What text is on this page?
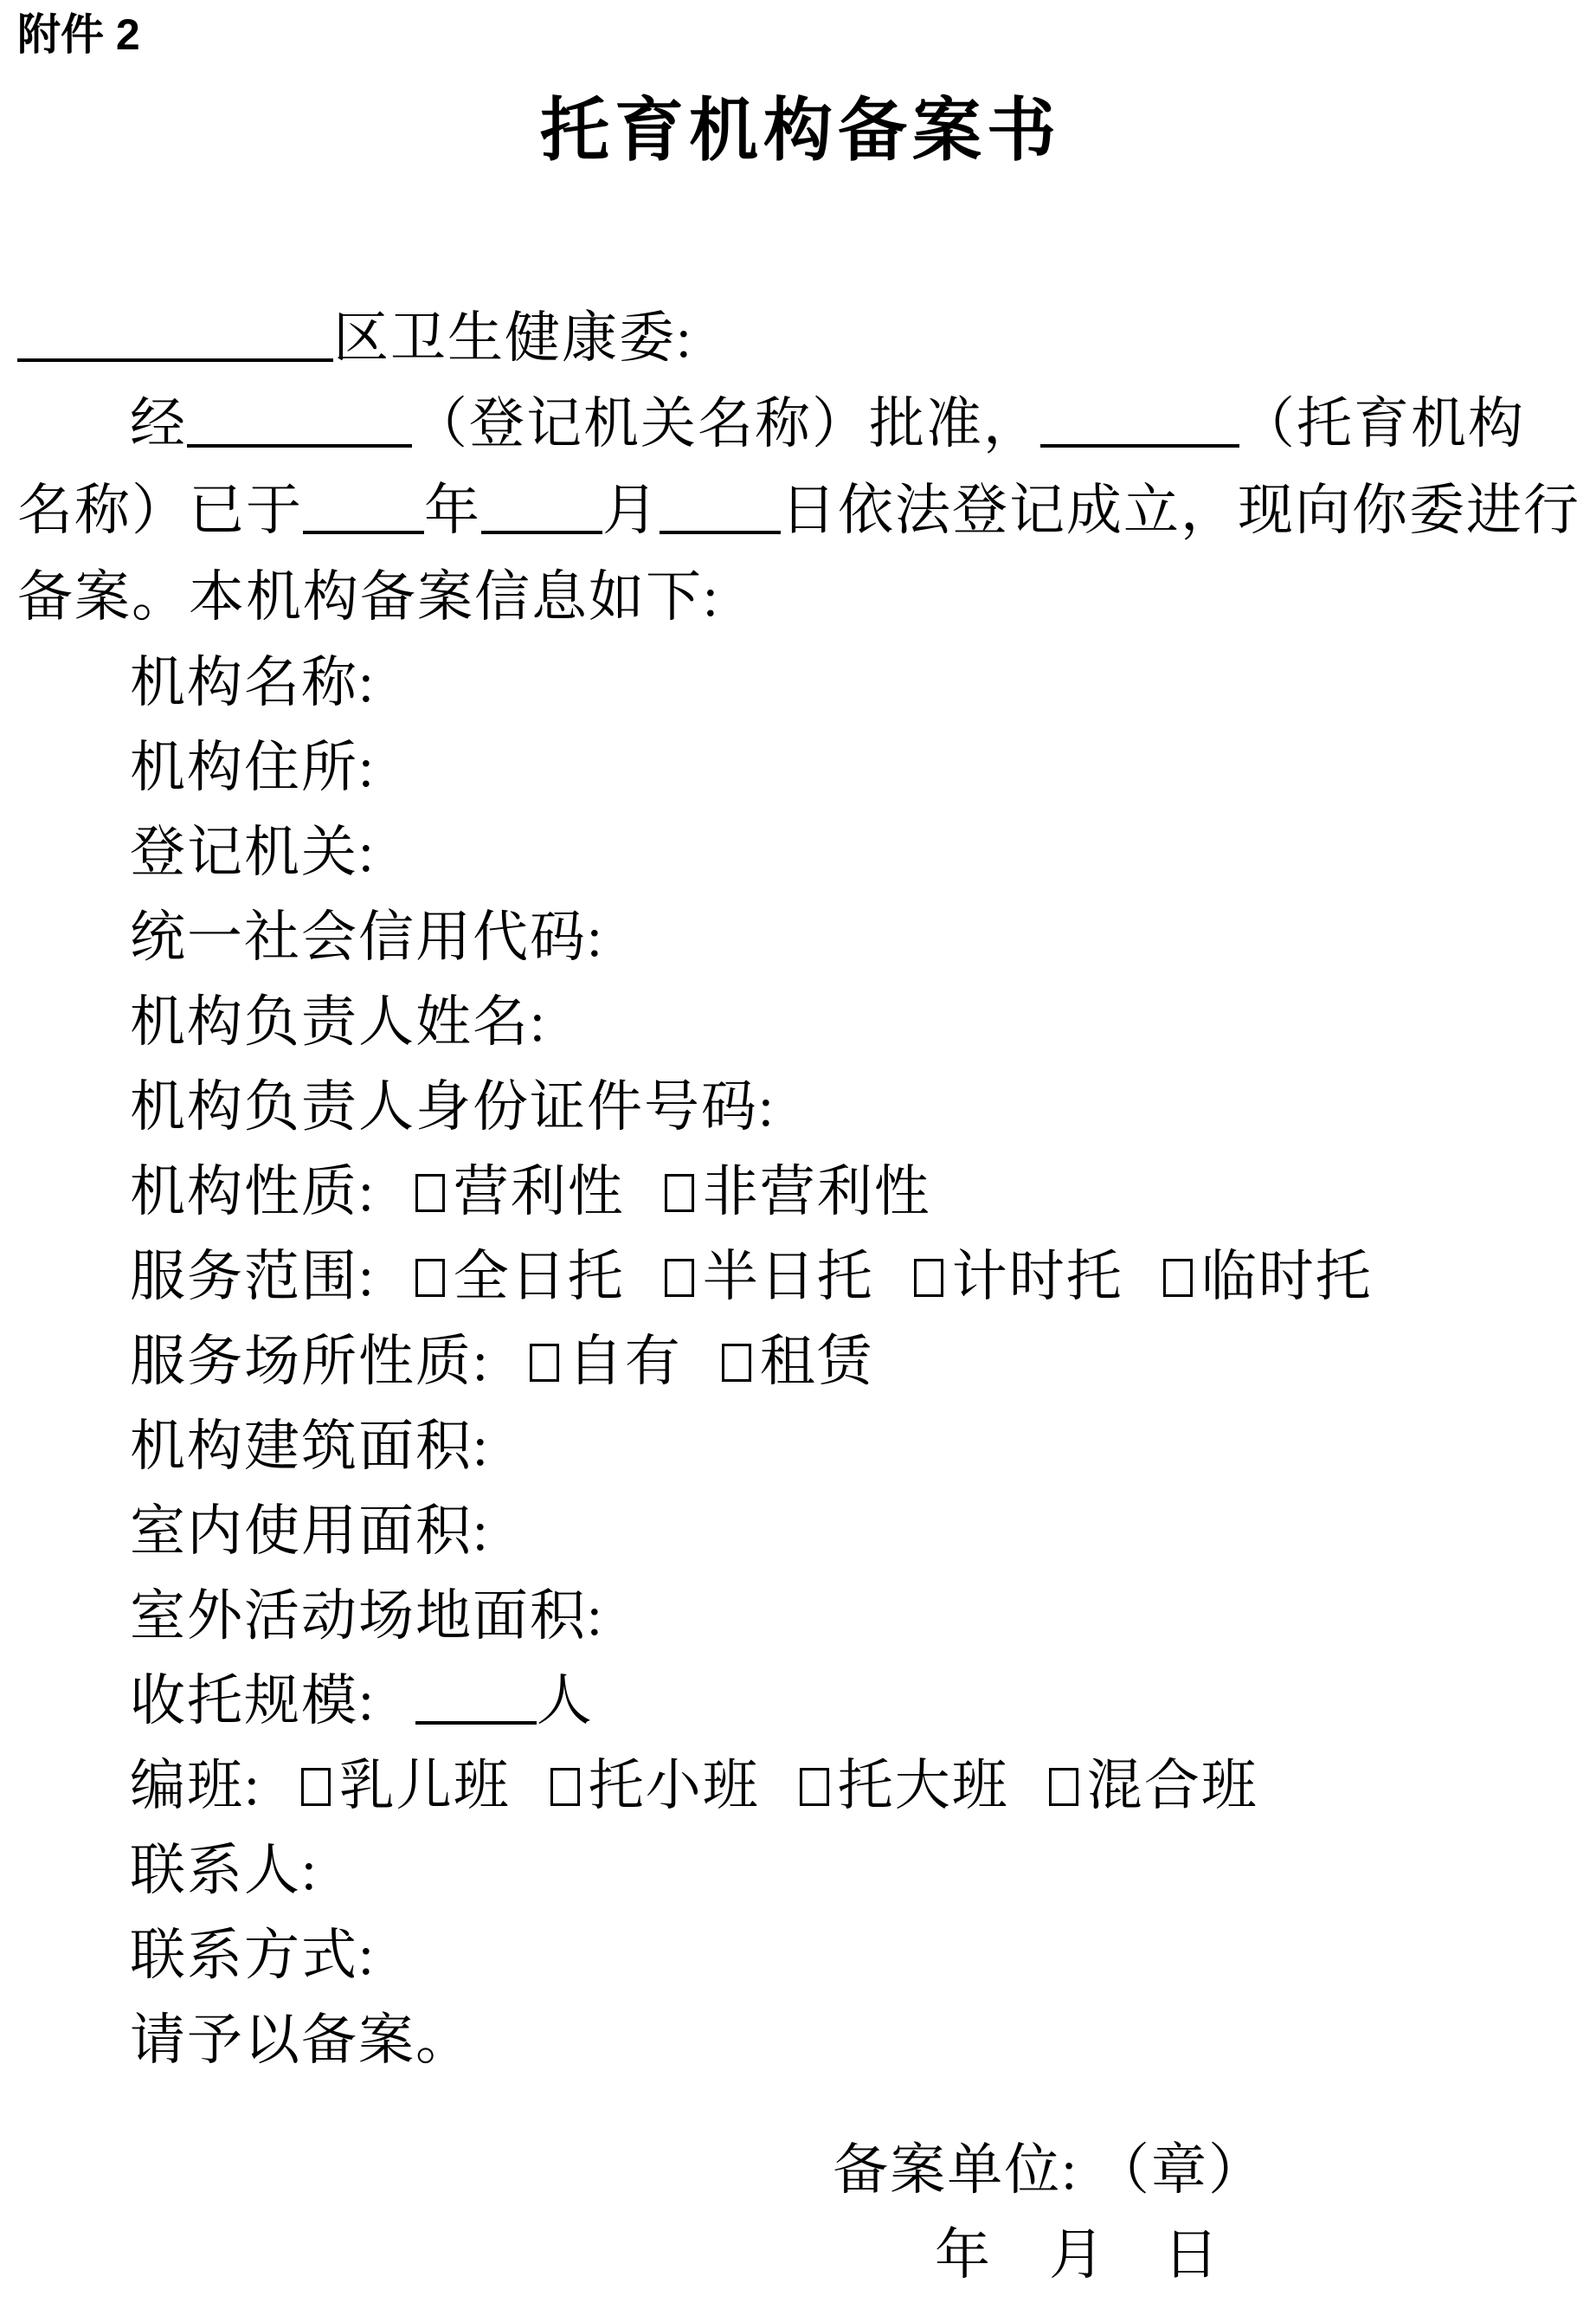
附件 2
托育机构备案书
区卫生健康委:
经	（登记机关名称）批准，	（托育机构
名称）已于 年 月 日依法登记成立，现向你委进行
备案。本机构备案信息如下:
机构名称:
机构住所:
登记机关:
统一社会信用代码:
机构负责人姓名:
机构负责人身份证件号码:
机构性质: 营利性 非营利性
服务范围: 全日托 半日托 计时托 临时托
服务场所性质: 自有 租赁
机构建筑面积:
室内使用面积:
室外活动场地面积:
收托规模:	人
编班: 乳儿班 托小班 托大班 混合班
联系人:
联系方式:
请予以备案。
备案单位: （章）
年 月 日
